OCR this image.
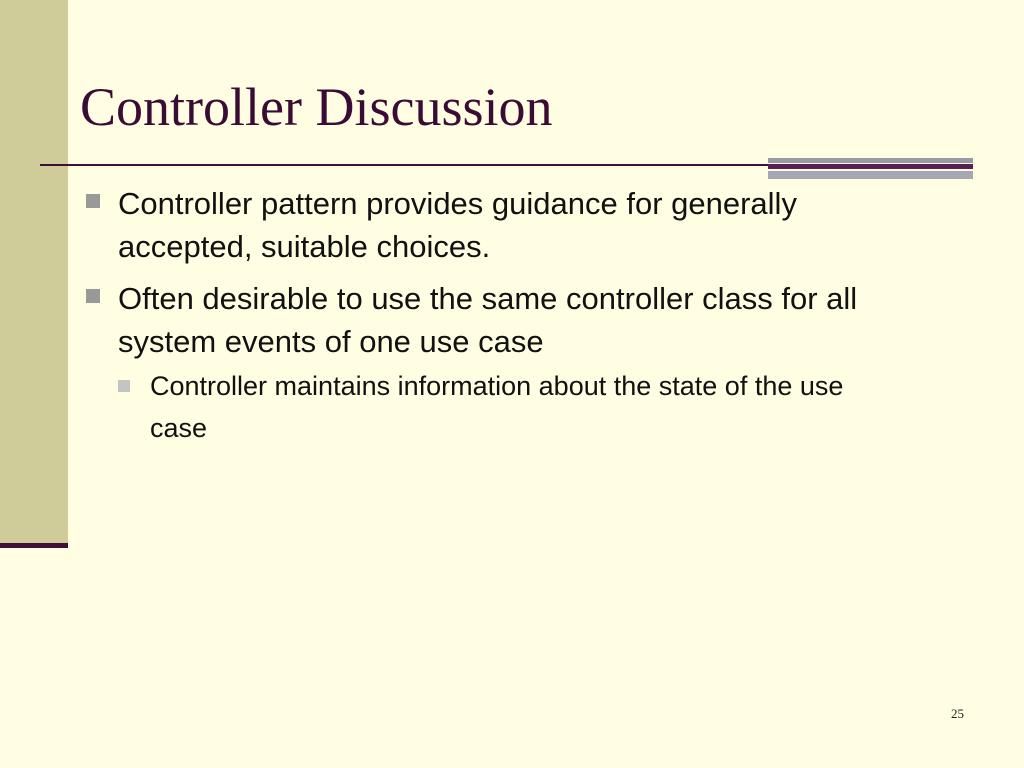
Controller Discussion
Controller pattern provides guidance for generally accepted, suitable choices.
Often desirable to use the same controller class for all system events of one use case
Controller maintains information about the state of the use case
25
